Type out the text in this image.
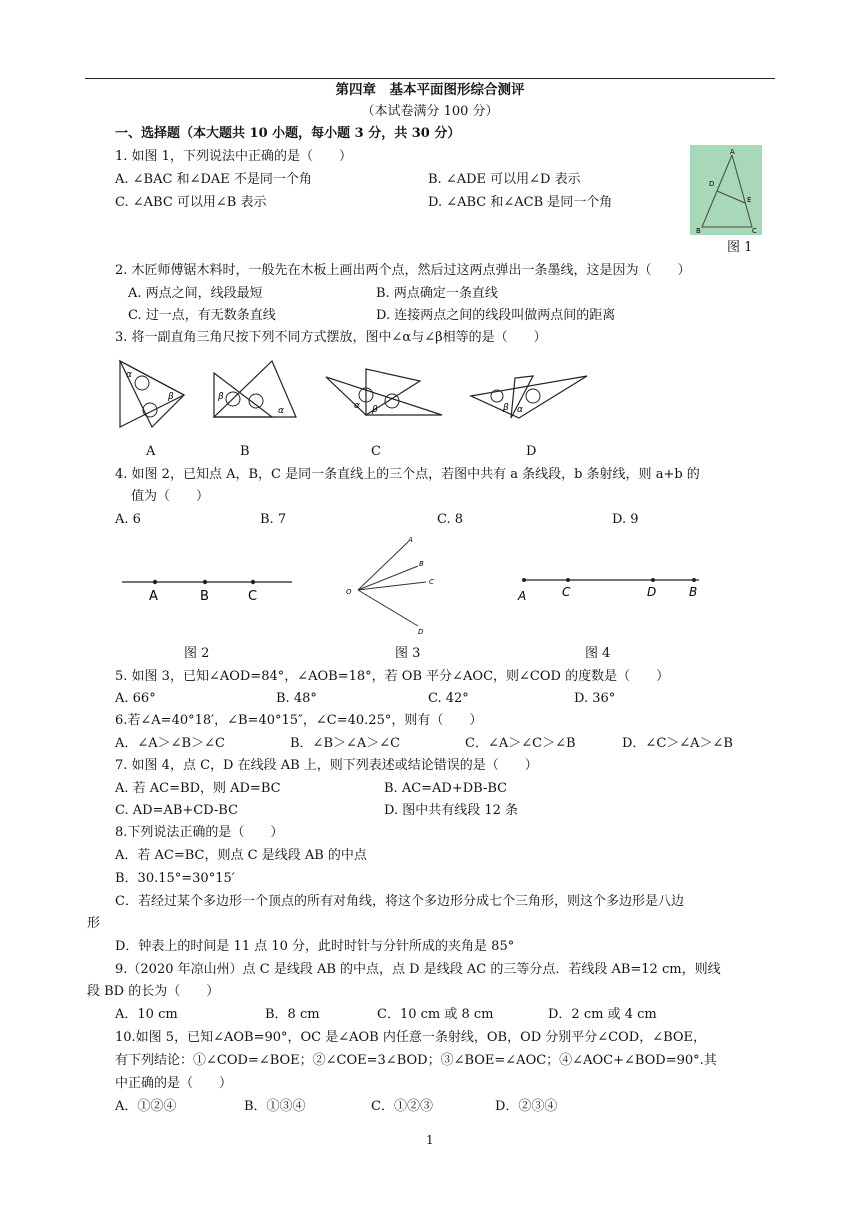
第四章　基本平面图形综合测评
（本试卷满分 100 分）
一、选择题（本大题共 10 小题，每小题 3 分，共 30 分）
1. 如图 1，下列说法中正确的是（　　）
A. ∠BAC 和∠DAE 不是同一个角	B. ∠ADE 可以用∠D 表示
C. ∠ABC 可以用∠B 表示	D. ∠ABC 和∠ACB 是同一个角
A
D
E
B	C
图 1
2. 木匠师傅锯木料时，一般先在木板上画出两个点，然后过这两点弹出一条墨线，这是因为（　　）
A. 两点之间，线段最短	B. 两点确定一条直线
C. 过一点，有无数条直线	D. 连接两点之间的线段叫做两点间的距离
3. 将一副直角三角尺按下列不同方式摆放，图中∠α与∠β相等的是（　　）
α
β	β
α	α β	β α
A	B	C	D
4. 如图 2，已知点 A，B，C 是同一条直线上的三个点，若图中共有 a 条线段，b 条射线，则 a+b 的
值为（　　）
A. 6	B. 7	C. 8	D. 9
A	B	C
图 2
O
A
B
C
D
图 3
A	C	D	B
图 4
5. 如图 3，已知∠AOD=84°，∠AOB=18°，若 OB 平分∠AOC，则∠COD 的度数是（　　）
A. 66°	B. 48°	C. 42°	D. 36°
6.若∠A=40°18′，∠B=40°15″，∠C=40.25°，则有（　　）
A．∠A＞∠B＞∠C	B．∠B＞∠A＞∠C	C．∠A＞∠C＞∠B	D．∠C＞∠A＞∠B
7. 如图 4，点 C，D 在线段 AB 上，则下列表述或结论错误的是（　　）
A. 若 AC=BD，则 AD=BC	B. AC=AD+DB-BC
C. AD=AB+CD-BC	D. 图中共有线段 12 条
8.下列说法正确的是（　　）
A．若 AC=BC，则点 C 是线段 AB 的中点
B．30.15°=30°15′
C．若经过某个多边形一个顶点的所有对角线，将这个多边形分成七个三角形，则这个多边形是八边
形
D．钟表上的时间是 11 点 10 分，此时时针与分针所成的夹角是 85°
9.（2020 年凉山州）点 C 是线段 AB 的中点，点 D 是线段 AC 的三等分点．若线段 AB=12 cm，则线
段 BD 的长为（　　）
A．10 cm	B．8 cm	C．10 cm 或 8 cm	D．2 cm 或 4 cm
10.如图 5，已知∠AOB=90°，OC 是∠AOB 内任意一条射线，OB，OD 分别平分∠COD，∠BOE，
有下列结论：①∠COD=∠BOE；②∠COE=3∠BOD；③∠BOE=∠AOC；④∠AOC+∠BOD=90°.其
中正确的是（　　）
A．①②④	B．①③④	C．①②③	D．②③④
1
